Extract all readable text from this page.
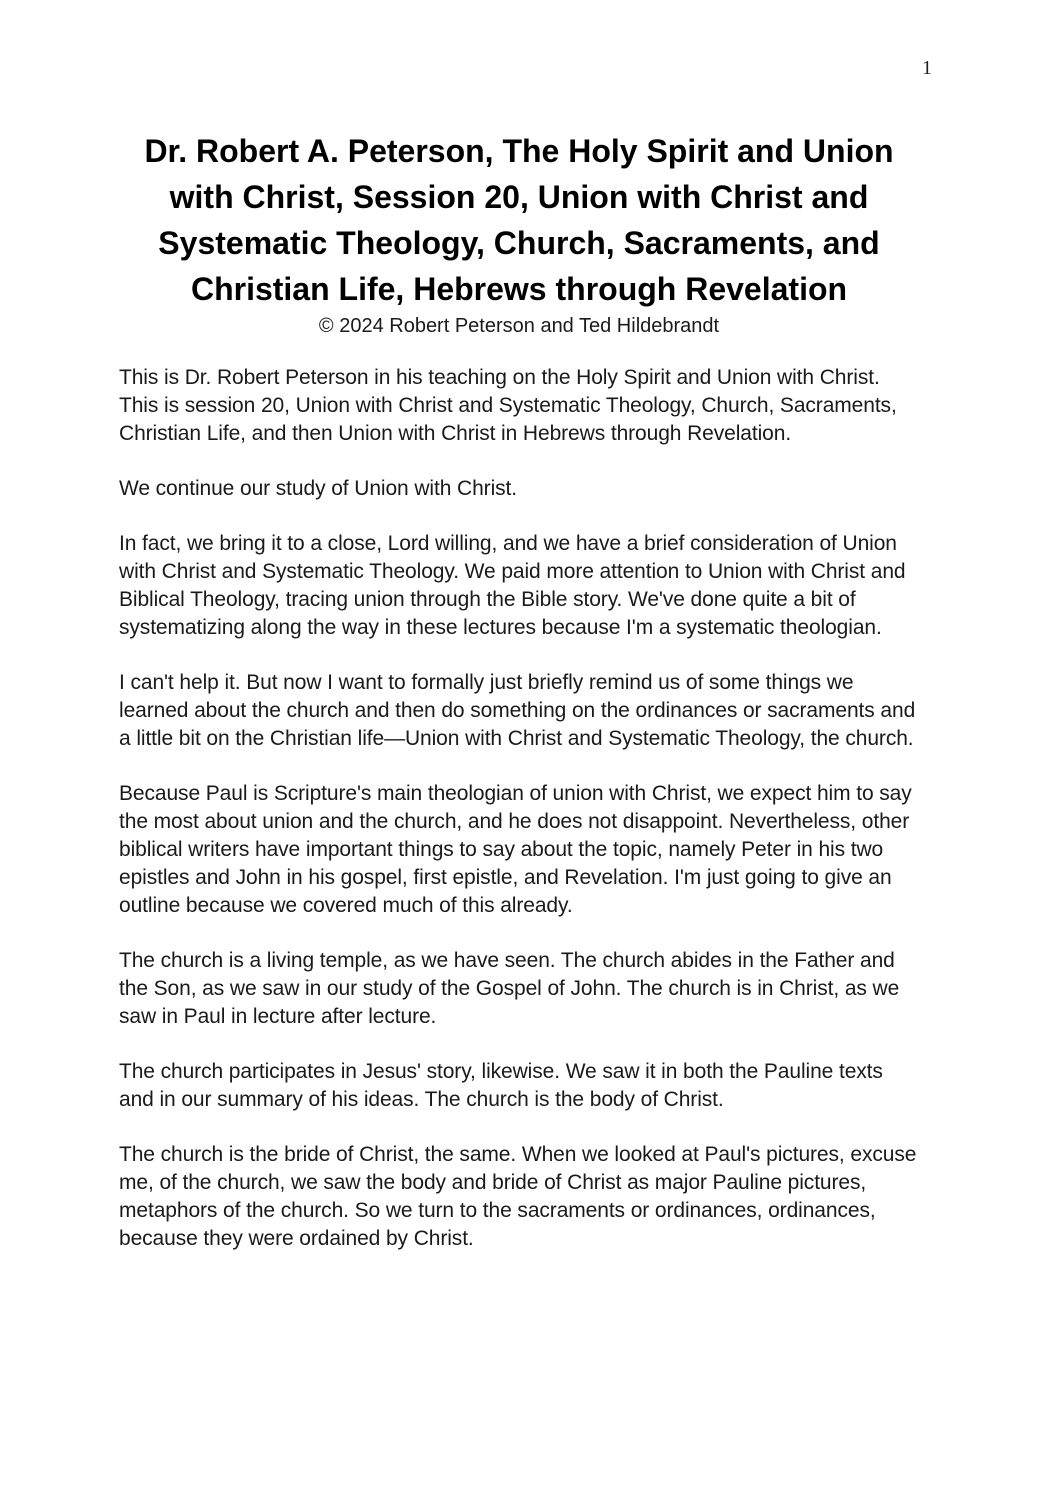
1
Dr. Robert A. Peterson, The Holy Spirit and Union with Christ, Session 20, Union with Christ and Systematic Theology, Church, Sacraments, and Christian Life, Hebrews through Revelation
© 2024 Robert Peterson and Ted Hildebrandt

This is Dr. Robert Peterson in his teaching on the Holy Spirit and Union with Christ. This is session 20, Union with Christ and Systematic Theology, Church, Sacraments, Christian Life, and then Union with Christ in Hebrews through Revelation.

We continue our study of Union with Christ.

In fact, we bring it to a close, Lord willing, and we have a brief consideration of Union with Christ and Systematic Theology. We paid more attention to Union with Christ and Biblical Theology, tracing union through the Bible story. We've done quite a bit of systematizing along the way in these lectures because I'm a systematic theologian.

I can't help it. But now I want to formally just briefly remind us of some things we learned about the church and then do something on the ordinances or sacraments and a little bit on the Christian life—Union with Christ and Systematic Theology, the church.

Because Paul is Scripture's main theologian of union with Christ, we expect him to say the most about union and the church, and he does not disappoint. Nevertheless, other biblical writers have important things to say about the topic, namely Peter in his two epistles and John in his gospel, first epistle, and Revelation. I'm just going to give an outline because we covered much of this already.

The church is a living temple, as we have seen. The church abides in the Father and the Son, as we saw in our study of the Gospel of John. The church is in Christ, as we saw in Paul in lecture after lecture.

The church participates in Jesus' story, likewise. We saw it in both the Pauline texts and in our summary of his ideas. The church is the body of Christ.

The church is the bride of Christ, the same. When we looked at Paul's pictures, excuse me, of the church, we saw the body and bride of Christ as major Pauline pictures, metaphors of the church. So we turn to the sacraments or ordinances, ordinances, because they were ordained by Christ.
